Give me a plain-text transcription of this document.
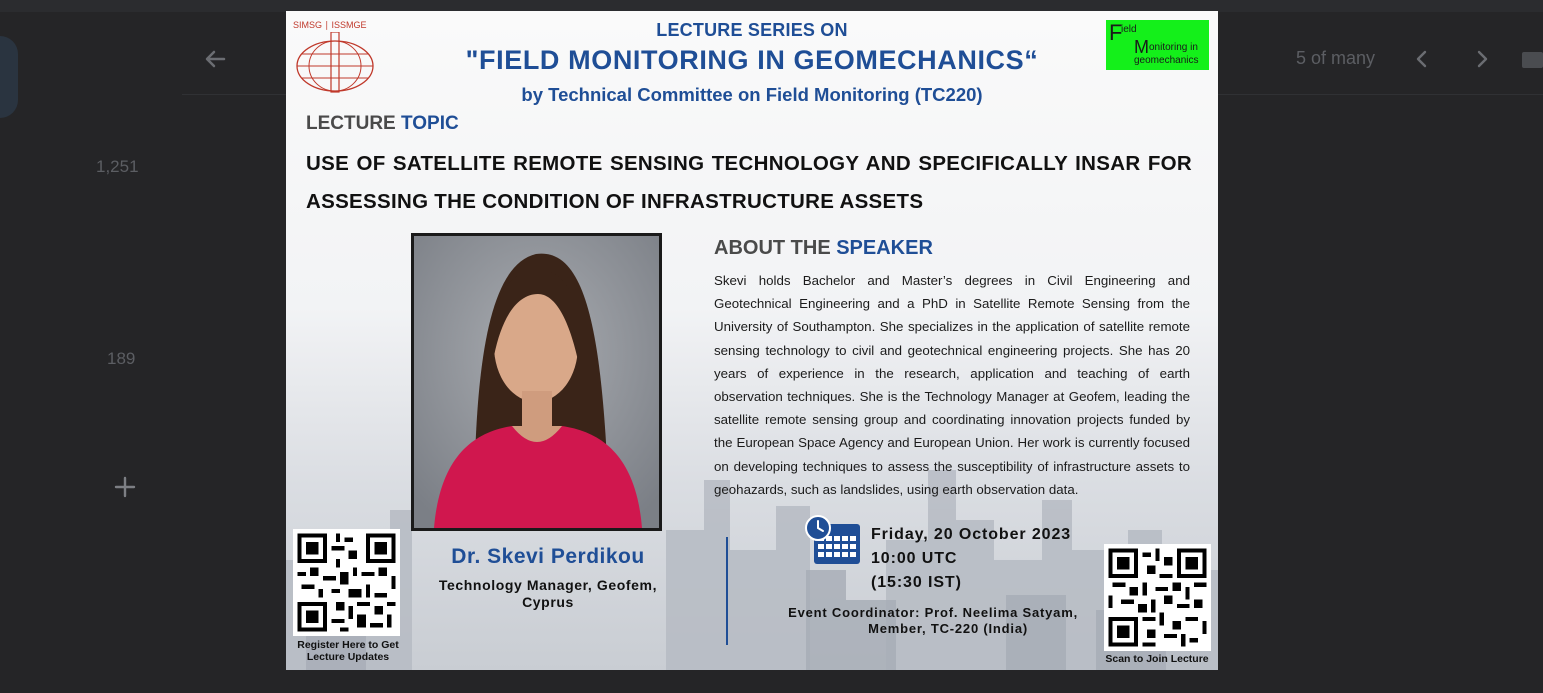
1,251
189
5 of many
LECTURE SERIES ON
"FIELD MONITORING IN GEOMECHANICS“
by Technical Committee on Field Monitoring (TC220)
SIMSG ∣ ISSMGE	F
ield
M onitoring in
geomechanics
LECTURE TOPIC
USE OF SATELLITE REMOTE SENSING TECHNOLOGY AND SPECIFICALLY INSAR FOR ASSESSING THE CONDITION OF INFRASTRUCTURE ASSETS
ABOUT THE SPEAKER
Skevi holds Bachelor and Master’s degrees in Civil Engineering and Geotechnical Engineering and a PhD in Satellite Remote Sensing from the University of Southampton. She specializes in the application of satellite remote sensing technology to civil and geotechnical engineering projects. She has 20 years of experience in the research, application and teaching of earth observation techniques. She is the Technology Manager at Geofem, leading the satellite remote sensing group and coordinating innovation projects funded by the European Space Agency and European Union. Her work is currently focused on developing techniques to assess the susceptibility of infrastructure assets to geohazards, such as landslides, using earth observation data.
Register Here to Get Lecture Updates
Dr. Skevi Perdikou
Technology Manager, Geofem, Cyprus
Friday, 20 October 2023
10:00 UTC
(15:30 IST)
Event Coordinator: Prof. Neelima Satyam,
Member, TC-220 (India)
Scan to Join Lecture
